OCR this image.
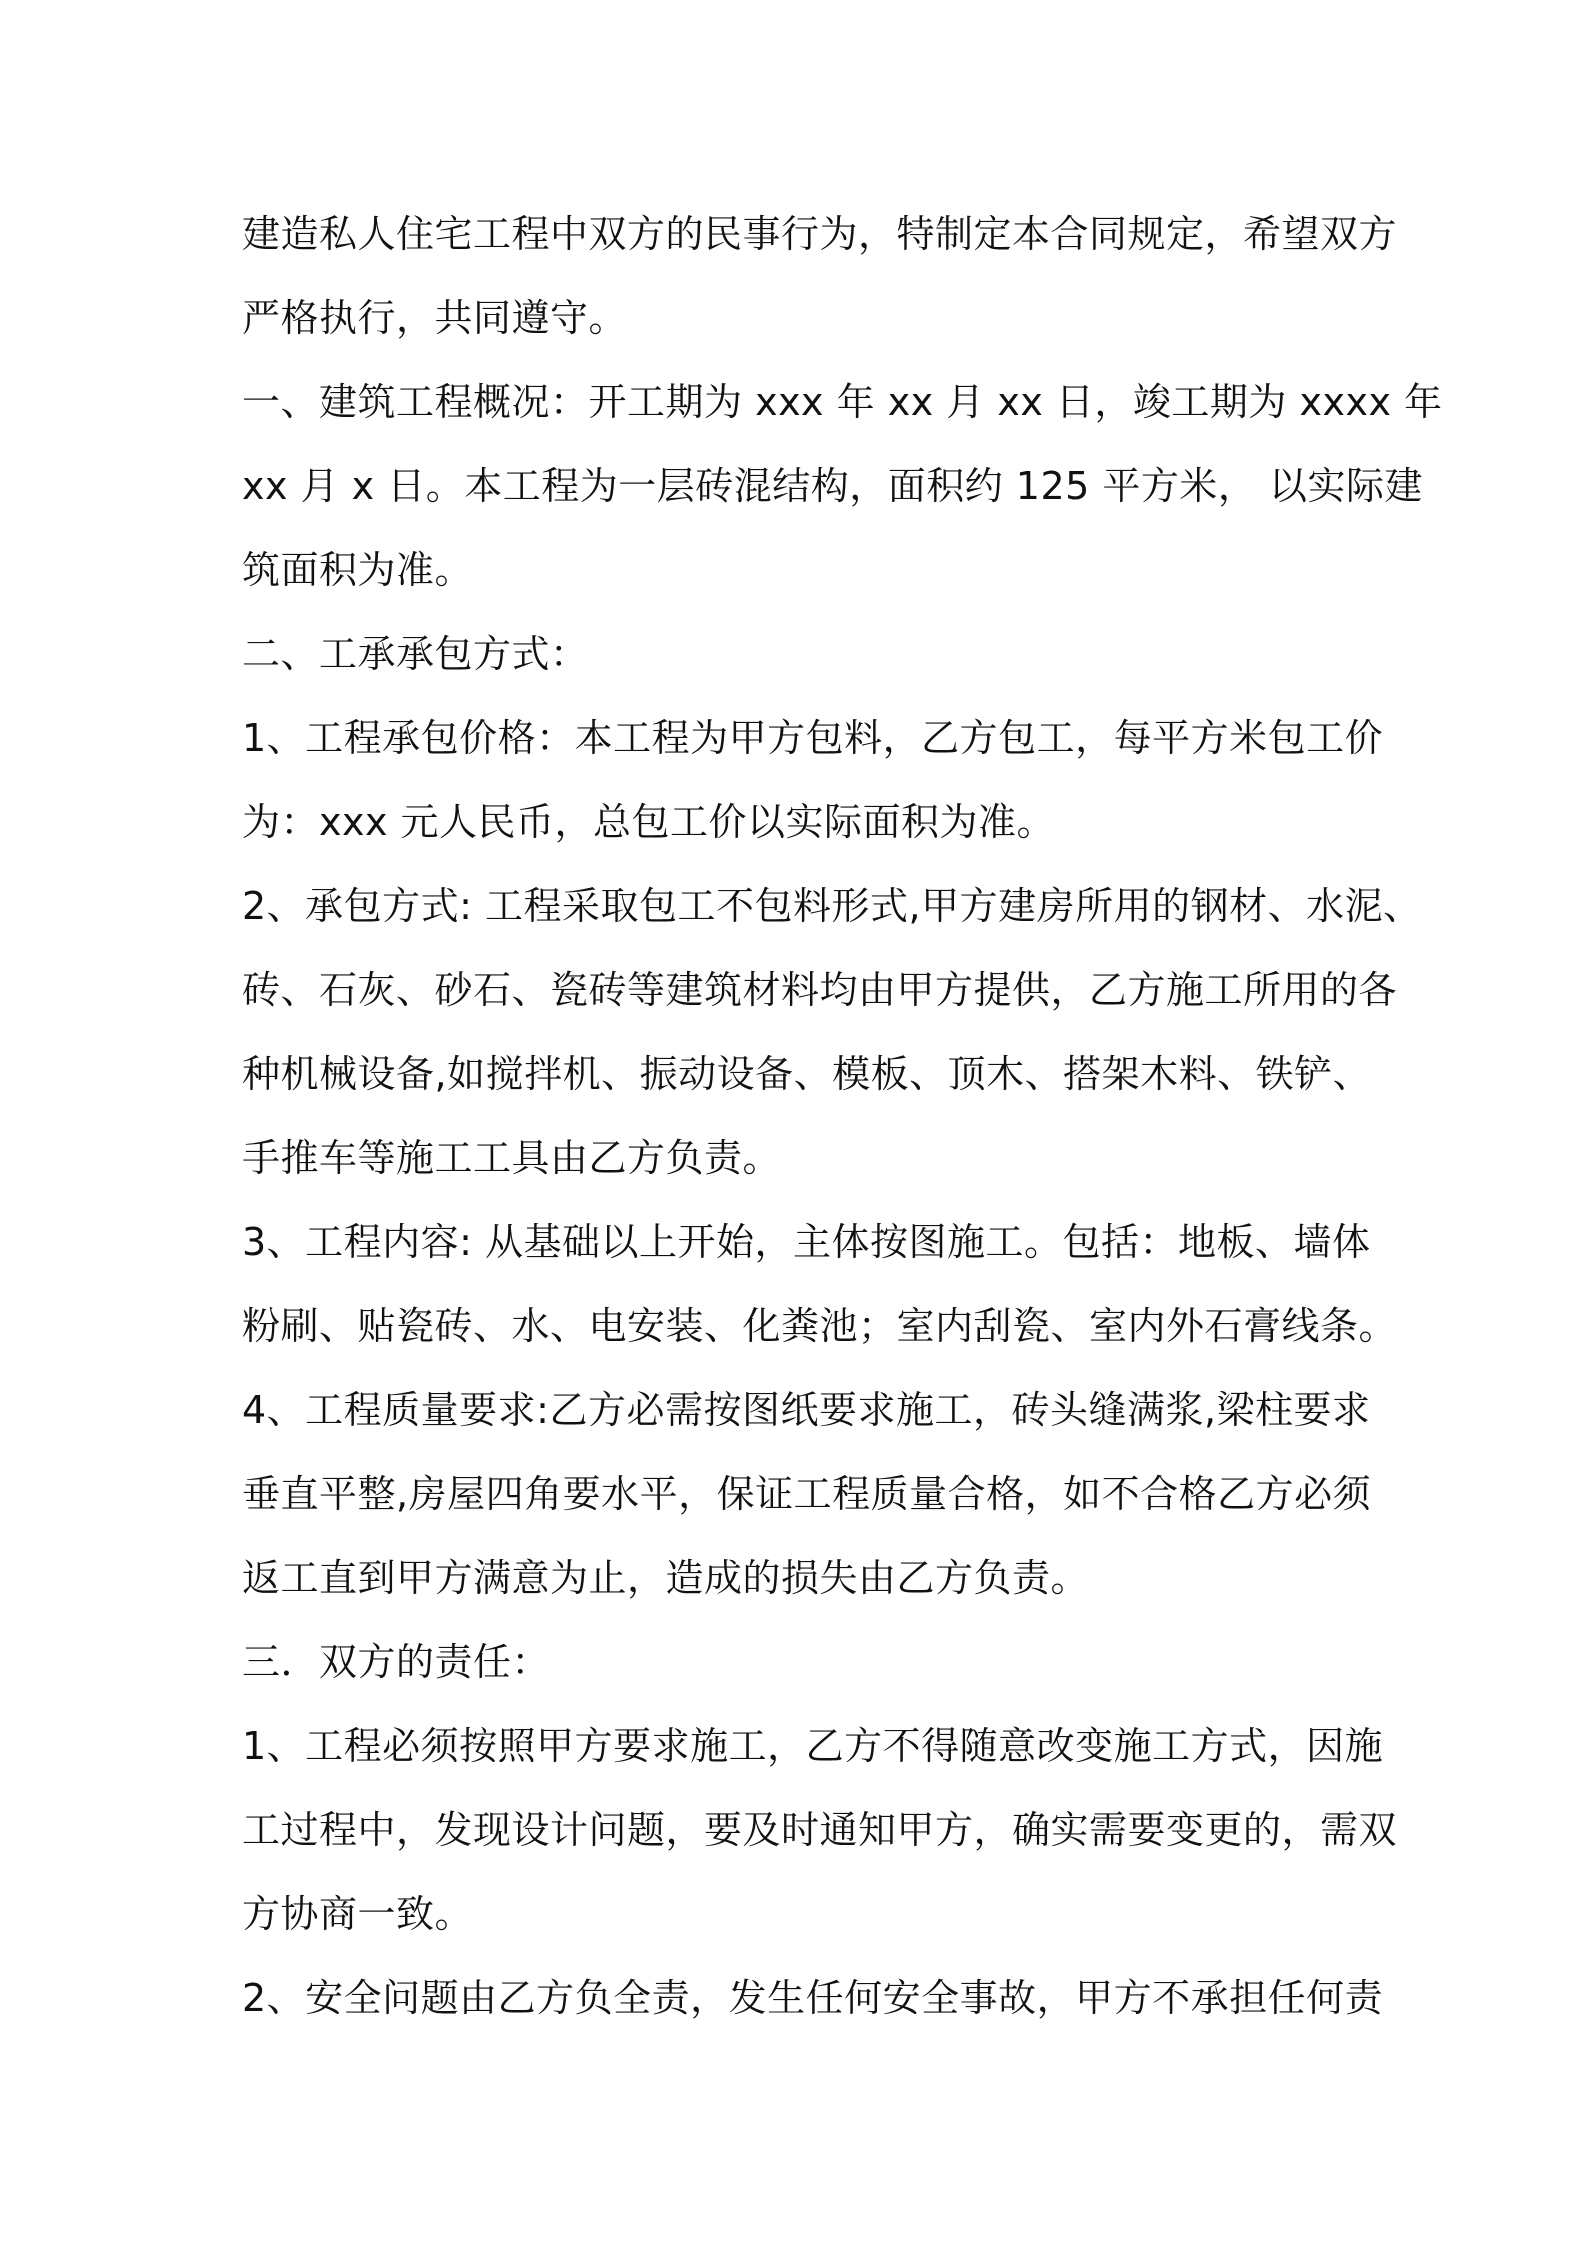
建造私人住宅工程中双方的民事行为，特制定本合同规定，希望双方
严格执行，共同遵守。
一、建筑工程概况：开工期为 xxx 年 xx 月 xx 日，竣工期为 xxxx 年
xx 月 x 日。本工程为一层砖混结构，面积约 125 平方米， 以实际建
筑面积为准。
二、工承承包方式：
1、工程承包价格：本工程为甲方包料，乙方包工，每平方米包工价
为：xxx 元人民币，总包工价以实际面积为准。
2、承包方式: 工程采取包工不包料形式,甲方建房所用的钢材、水泥、
砖、石灰、砂石、瓷砖等建筑材料均由甲方提供，乙方施工所用的各
种机械设备,如搅拌机、振动设备、模板、顶木、搭架木料、铁铲、
手推车等施工工具由乙方负责。
3、工程内容: 从基础以上开始，主体按图施工。包括：地板、墙体
粉刷、贴瓷砖、水、电安装、化粪池；室内刮瓷、室内外石膏线条。
4、工程质量要求:乙方必需按图纸要求施工，砖头缝满浆,梁柱要求
垂直平整,房屋四角要水平，保证工程质量合格，如不合格乙方必须
返工直到甲方满意为止，造成的损失由乙方负责。
三．双方的责任：
1、工程必须按照甲方要求施工，乙方不得随意改变施工方式，因施
工过程中，发现设计问题，要及时通知甲方，确实需要变更的，需双
方协商一致。
2、安全问题由乙方负全责，发生任何安全事故，甲方不承担任何责
